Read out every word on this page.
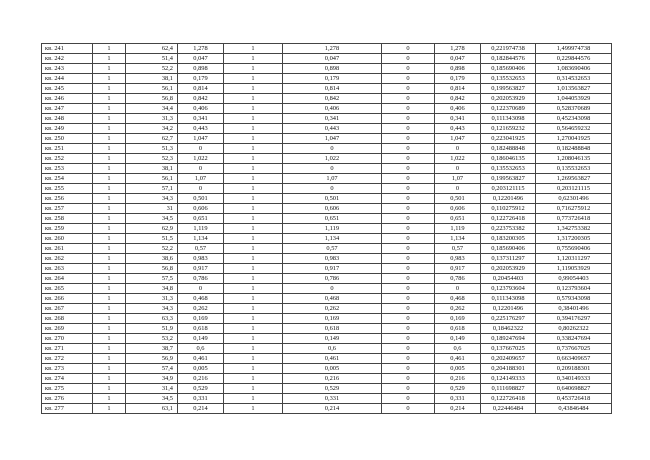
кв. 241	1	62,4	1,278	1	1,278	0	1,278	0,221974738	1,499974738
кв. 242	1	51,4	0,047	1	0,047	0	0,047	0,182844576	0,229844576
кв. 243	1	52,2	0,898	1	0,898	0	0,898	0,185690406	1,083690406
кв. 244	1	38,1	0,179	1	0,179	0	0,179	0,135532653	0,314532653
кв. 245	1	56,1	0,814	1	0,814	0	0,814	0,199563827	1,013563827
кв. 246	1	56,8	0,842	1	0,842	0	0,842	0,202053929	1,044053929
кв. 247	1	34,4	0,406	1	0,406	0	0,406	0,122370689	0,528370689
кв. 248	1	31,3	0,341	1	0,341	0	0,341	0,111343098	0,452343098
кв. 249	1	34,2	0,443	1	0,443	0	0,443	0,121659232	0,564659232
кв. 250	1	62,7	1,047	1	1,047	0	1,047	0,223041925	1,270041925
кв. 251	1	51,3	0	1	0	0	0	0,182488848	0,182488848
кв. 252	1	52,3	1,022	1	1,022	0	1,022	0,186046135	1,208046135
кв. 253	1	38,1	0	1	0	0	0	0,135532653	0,135532653
кв. 254	1	56,1	1,07	1	1,07	0	1,07	0,199563827	1,269563827
кв. 255	1	57,1	0	1	0	0	0	0,203121115	0,203121115
кв. 256	1	34,3	0,501	1	0,501	0	0,501	0,12201496	0,62301496
кв. 257	1	31	0,606	1	0,606	0	0,606	0,110275912	0,716275912
кв. 258	1	34,5	0,651	1	0,651	0	0,651	0,122726418	0,773726418
кв. 259	1	62,9	1,119	1	1,119	0	1,119	0,223753382	1,342753382
кв. 260	1	51,5	1,134	1	1,134	0	1,134	0,183200305	1,317200305
кв. 261	1	52,2	0,57	1	0,57	0	0,57	0,185690406	0,755690406
кв. 262	1	38,6	0,983	1	0,983	0	0,983	0,137311297	1,120311297
кв. 263	1	56,8	0,917	1	0,917	0	0,917	0,202053929	1,119053929
кв. 264	1	57,5	0,786	1	0,786	0	0,786	0,20454403	0,99054403
кв. 265	1	34,8	0	1	0	0	0	0,123793604	0,123793604
кв. 266	1	31,3	0,468	1	0,468	0	0,468	0,111343098	0,579343098
кв. 267	1	34,3	0,262	1	0,262	0	0,262	0,12201496	0,38401496
кв. 268	1	63,3	0,169	1	0,169	0	0,169	0,225176297	0,394176297
кв. 269	1	51,9	0,618	1	0,618	0	0,618	0,18462322	0,80262322
кв. 270	1	53,2	0,149	1	0,149	0	0,149	0,189247694	0,338247694
кв. 271	1	38,7	0,6	1	0,6	0	0,6	0,137667025	0,737667025
кв. 272	1	56,9	0,461	1	0,461	0	0,461	0,202409657	0,663409657
кв. 273	1	57,4	0,005	1	0,005	0	0,005	0,204188301	0,209188301
кв. 274	1	34,9	0,216	1	0,216	0	0,216	0,124149333	0,340149333
кв. 275	1	31,4	0,529	1	0,529	0	0,529	0,111698827	0,640698827
кв. 276	1	34,5	0,331	1	0,331	0	0,331	0,122726418	0,453726418
кв. 277	1	63,1	0,214	1	0,214	0	0,214	0,22446484	0,43846484
